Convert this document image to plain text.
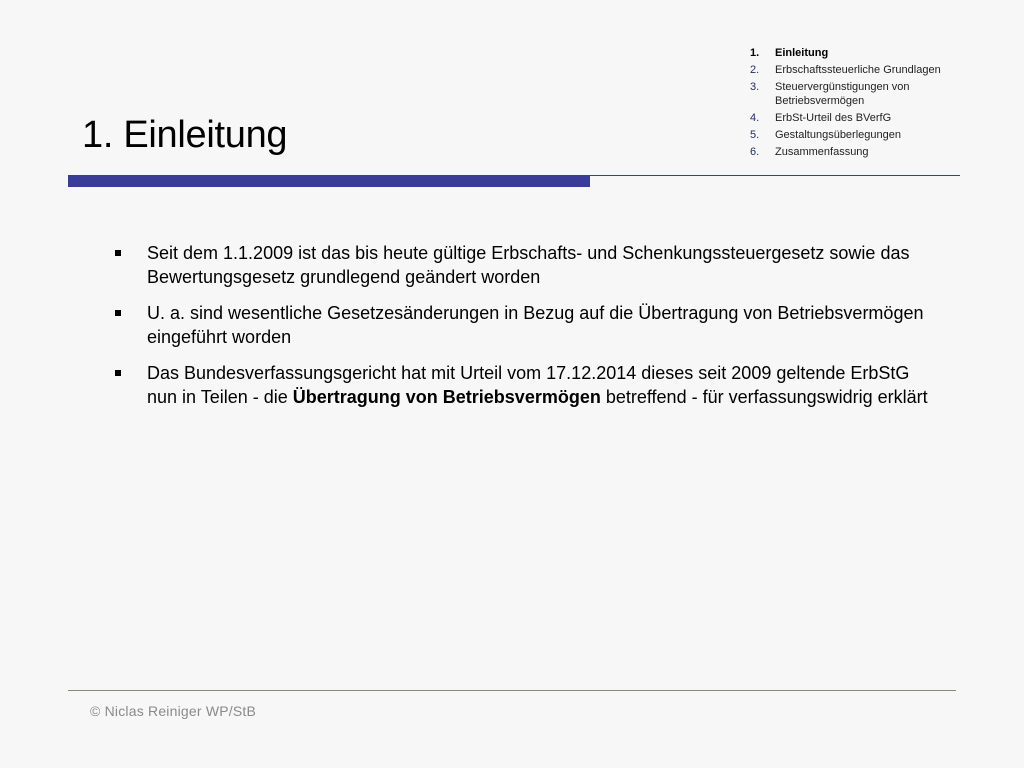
1.	Einleitung
2.	Erbschaftssteuerliche Grundlagen
3.	Steuervergünstigungen von Betriebsvermögen
4.	ErbSt-Urteil des BVerfG
5.	Gestaltungsüberlegungen
6.	Zusammenfassung
1. Einleitung
Seit dem 1.1.2009 ist das bis heute gültige Erbschafts- und Schenkungssteuergesetz sowie das Bewertungsgesetz grundlegend geändert worden
U. a. sind wesentliche Gesetzesänderungen in Bezug auf die Übertragung von Betriebsvermögen eingeführt worden
Das Bundesverfassungsgericht hat mit Urteil vom 17.12.2014 dieses seit 2009 geltende ErbStG nun in Teilen - die Übertragung von Betriebsvermögen betreffend - für verfassungswidrig erklärt
© Niclas Reiniger WP/StB
